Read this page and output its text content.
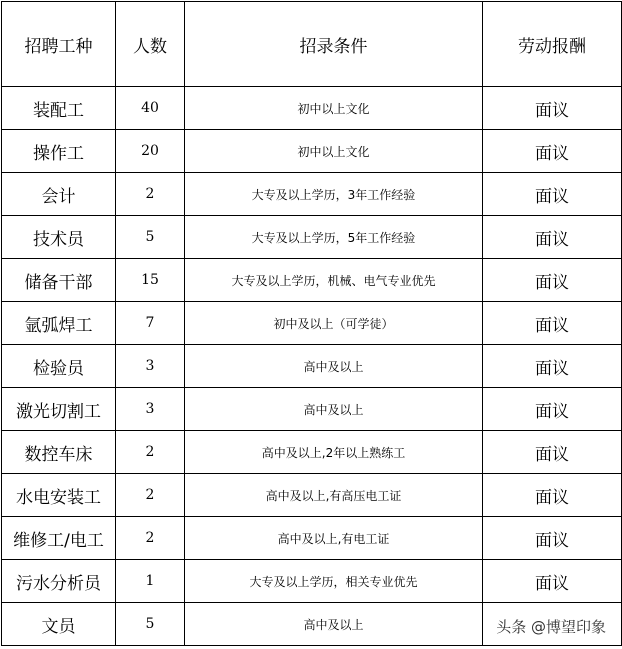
招聘工种	人数	招录条件	劳动报酬
装配工	40	初中以上文化	面议
操作工	20	初中以上文化	面议
会计	2	大专及以上学历，3年工作经验	面议
技术员	5	大专及以上学历，5年工作经验	面议
储备干部	15	大专及以上学历，机械、电气专业优先	面议
氩弧焊工	7	初中及以上（可学徒）	面议
检验员	3	高中及以上	面议
激光切割工	3	高中及以上	面议
数控车床	2	高中及以上,2年以上熟练工	面议
水电安装工	2	高中及以上,有高压电工证	面议
维修工/电工	2	高中及以上,有电工证	面议
污水分析员	1	大专及以上学历，相关专业优先	面议
文员	5	高中及以上		头条 @博望印象
